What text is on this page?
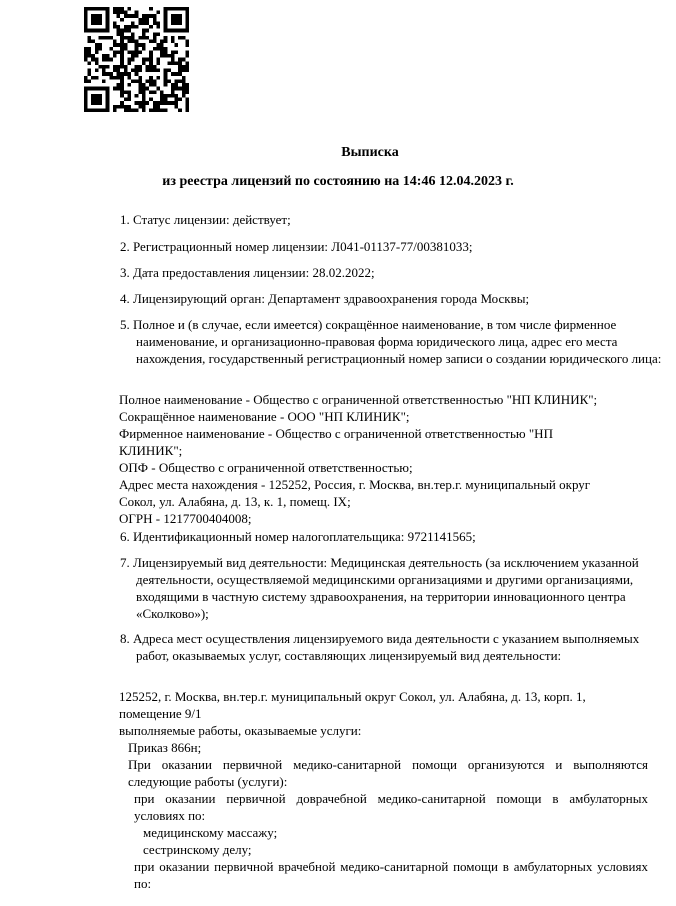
Выписка
из реестра лицензий по состоянию на 14:46 12.04.2023 г.
1. Статус лицензии: действует;
2. Регистрационный номер лицензии: Л041-01137-77/00381033;
3. Дата предоставления лицензии: 28.02.2022;
4. Лицензирующий орган: Департамент здравоохранения города Москвы;
5. Полное и (в случае, если имеется) сокращённое наименование, в том числе фирменное наименование, и организационно-правовая форма юридического лица, адрес его места нахождения, государственный регистрационный номер записи о создании юридического лица:
Полное наименование - Общество с ограниченной ответственностью "НП КЛИНИК";
Сокращённое наименование - ООО "НП КЛИНИК";
Фирменное наименование - Общество с ограниченной ответственностью "НП КЛИНИК";
ОПФ - Общество с ограниченной ответственностью;
Адрес места нахождения - 125252, Россия, г. Москва, вн.тер.г. муниципальный округ Сокол, ул. Алабяна, д. 13, к. 1, помещ. IX;
ОГРН - 1217700404008;
6. Идентификационный номер налогоплательщика: 9721141565;
7. Лицензируемый вид деятельности: Медицинская деятельность (за исключением указанной деятельности, осуществляемой медицинскими организациями и другими организациями, входящими в частную систему здравоохранения, на территории инновационного центра «Сколково»);
8. Адреса мест осуществления лицензируемого вида деятельности с указанием выполняемых работ, оказываемых услуг, составляющих лицензируемый вид деятельности:
125252, г. Москва, вн.тер.г. муниципальный округ Сокол, ул. Алабяна, д. 13, корп. 1, помещение 9/1
выполняемые работы, оказываемые услуги:
Приказ 866н;
При оказании первичной медико-санитарной помощи организуются и выполняются следующие работы (услуги):
при оказании первичной доврачебной медико-санитарной помощи в амбулаторных условиях по:
медицинскому массажу;
сестринскому делу;
при оказании первичной врачебной медико-санитарной помощи в амбулаторных условиях по:
